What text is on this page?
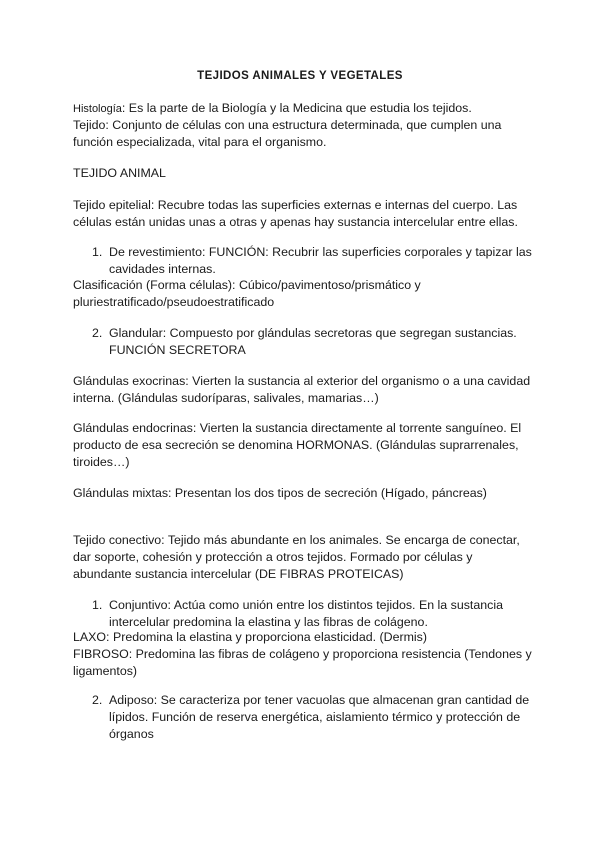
TEJIDOS ANIMALES Y VEGETALES

Histología: Es la parte de la Biología y la Medicina que estudia los tejidos.

Tejido: Conjunto de células con una estructura determinada, que cumplen una función especializada, vital para el organismo.

TEJIDO ANIMAL

Tejido epitelial: Recubre todas las superficies externas e internas del cuerpo. Las células están unidas unas a otras y apenas hay sustancia intercelular entre ellas.

1. De revestimiento: FUNCIÓN: Recubrir las superficies corporales y tapizar las cavidades internas.

Clasificación (Forma células): Cúbico/pavimentoso/prismático y pluriestratificado/pseudoestratificado

2. Glandular: Compuesto por glándulas secretoras que segregan sustancias. FUNCIÓN SECRETORA

Glándulas exocrinas: Vierten la sustancia al exterior del organismo o a una cavidad interna. (Glándulas sudoríparas, salivales, mamarias…)

Glándulas endocrinas: Vierten la sustancia directamente al torrente sanguíneo. El producto de esa secreción se denomina HORMONAS. (Glándulas suprarrenales, tiroides…)

Glándulas mixtas: Presentan los dos tipos de secreción (Hígado, páncreas)

Tejido conectivo: Tejido más abundante en los animales. Se encarga de conectar, dar soporte, cohesión y protección a otros tejidos. Formado por células y abundante sustancia intercelular (DE FIBRAS PROTEICAS)

1. Conjuntivo: Actúa como unión entre los distintos tejidos. En la sustancia intercelular predomina la elastina y las fibras de colágeno.

LAXO: Predomina la elastina y proporciona elasticidad. (Dermis)

FIBROSO: Predomina las fibras de colágeno y proporciona resistencia (Tendones y ligamentos)

2. Adiposo: Se caracteriza por tener vacuolas que almacenan gran cantidad de lípidos. Función de reserva energética, aislamiento térmico y protección de órganos
